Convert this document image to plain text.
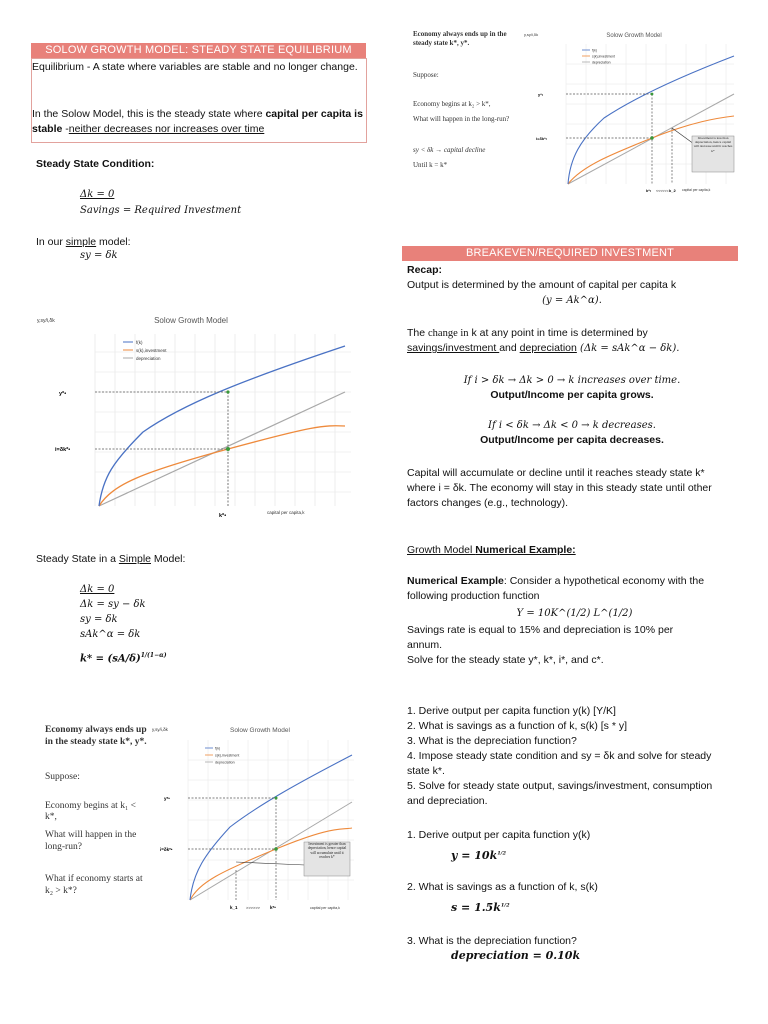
SOLOW GROWTH MODEL: STEADY STATE EQUILIBRIUM
Equilibrium - A state where variables are stable and no longer change.
In the Solow Model, this is the steady state where capital per capita is stable -neither decreases nor increases over time
Steady State Condition:
Δk = 0
Savings = Required Investment
In our simple model:
sy = δk
y,sy/i,δk	Solow Growth Model
y*•
i=δk*•
k*•
capital per capita,k
f(k)
s(k),investment
depreciation
Steady State in a Simple Model:
Δk = 0
Δk = sy − δk
sy = δk
sAk^α = δk
$k* = (sA/\delta)^{1/(1-\alpha)}$
Economy always ends up in the steady state k*, y*.
Suppose:
Economy begins at k₁ < k*,
What will happen in the long-run?
What if economy starts at k₂ > k*?
y,sy/i,δk	Solow Growth Model
y*•
i=δk*•
k_1 >>>>>> k*•	capital per capita,k
f(k)
s(k),investment
depreciation
Investment is greater than depreciation, hence capital will accumulate until it reaches k*
Economy always ends up in the steady state k*, y*.
Suppose:
Economy begins at k₂ > k*,
What will happen in the long-run?
sy < δk → capital decline
Until k = k*
y,sy/i,δk	Solow Growth Model
y*•
i=δk*•
k*• <<<<<< k_2 capital per capita,k
f(k)
s(k),investment
depreciation
Investment is less than depreciation, hence capital will decrease until it reaches k*
BREAKEVEN/REQUIRED INVESTMENT
Recap:
Output is determined by the amount of capital per capita k
(y = Ak^α).
The change in k at any point in time is determined by
savings/investment and depreciation (Δk = sAk^α − δk).
If i > δk → Δk > 0 → k increases over time.
Output/Income per capita grows.
If i < δk → Δk < 0 → k decreases.
Output/Income per capita decreases.
Capital will accumulate or decline until it reaches steady state k*
where i = δk. The economy will stay in this steady state until other
factors changes (e.g., technology).
Growth Model Numerical Example:
Numerical Example: Consider a hypothetical economy with the
following production function
Y = 10K^(1/2) L^(1/2)
Savings rate is equal to 15% and depreciation is 10% per
annum.
Solve for the steady state y*, k*, i*, and c*.
1. Derive output per capita function y(k) [Y/K]
2. What is savings as a function of k, s(k) [s * y]
3. What is the depreciation function?
4. Impose steady state condition and sy = δk and solve for steady
state k*.
5. Solve for steady state output, savings/investment, consumption
and depreciation.
1. Derive output per capita function y(k)
$y = 10k^{1/2}$
2. What is savings as a function of k, s(k)
$s = 1.5k^{1/2}$
3. What is the depreciation function?
depreciation = 0.10k
